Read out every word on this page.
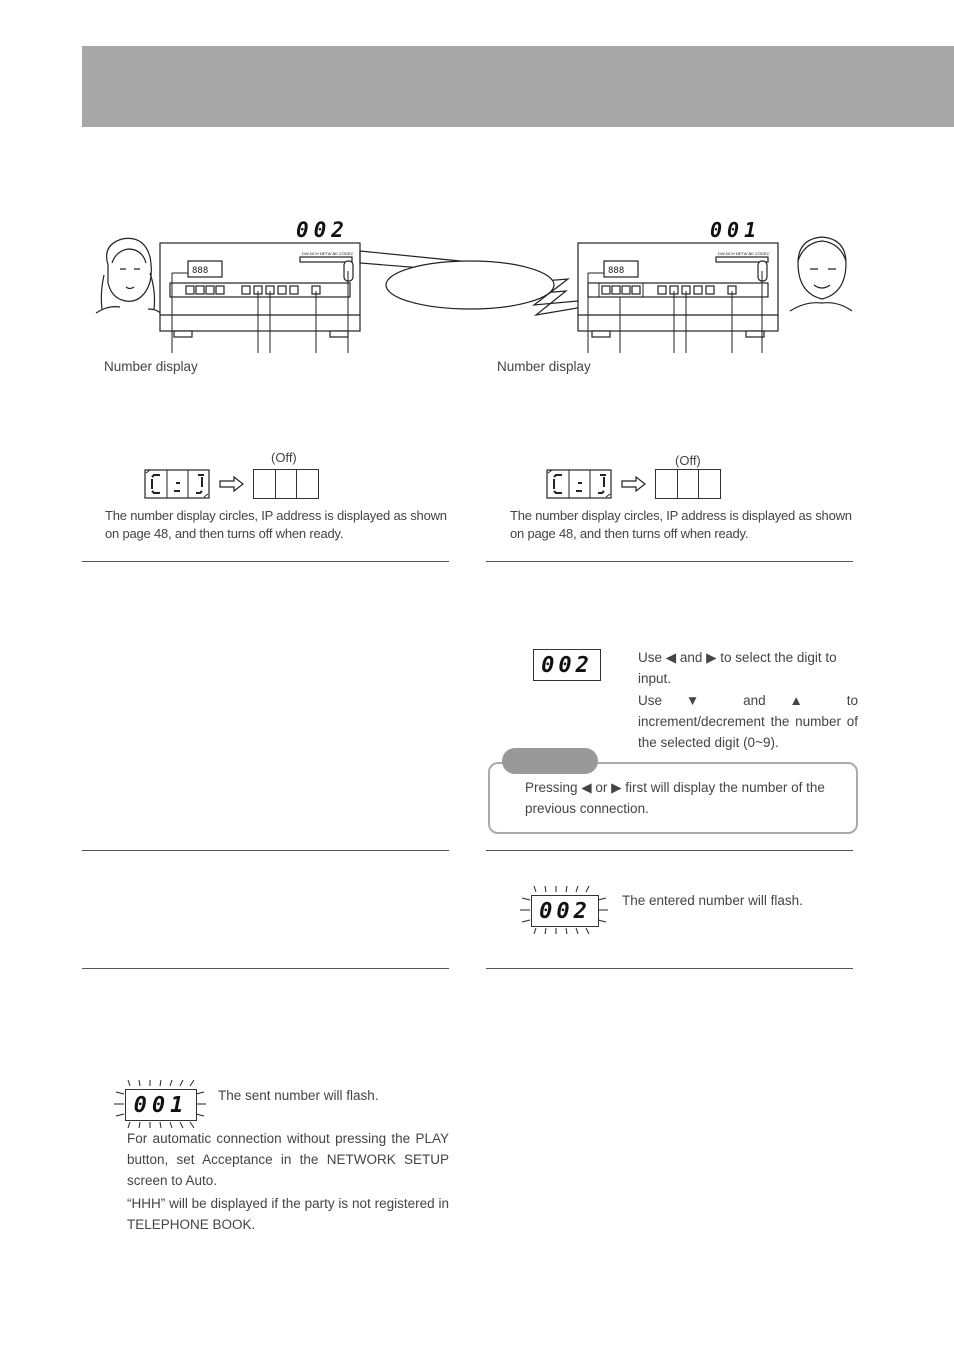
888
DW-NCH NETW BK CODEC
002
888
DW-NCH NETW BK CODEC
001
Number display	Number display
(Off)
The number display circles, IP address is displayed as shown on page 48, and then turns off when ready.
(Off)
The number display circles, IP address is displayed as shown on page 48, and then turns off when ready.
002	Use ◀ and ▶ to select the digit to input.
Use ▼ and ▲ to increment/decrement the number of the selected digit (0~9).
Pressing ◀ or ▶ first will display the number of the previous connection.
002	The entered number will flash.
001	The sent number will flash.
For automatic connection without pressing the PLAY button, set Acceptance in the NETWORK SETUP screen to Auto.
“HHH” will be displayed if the party is not registered in TELEPHONE BOOK.
